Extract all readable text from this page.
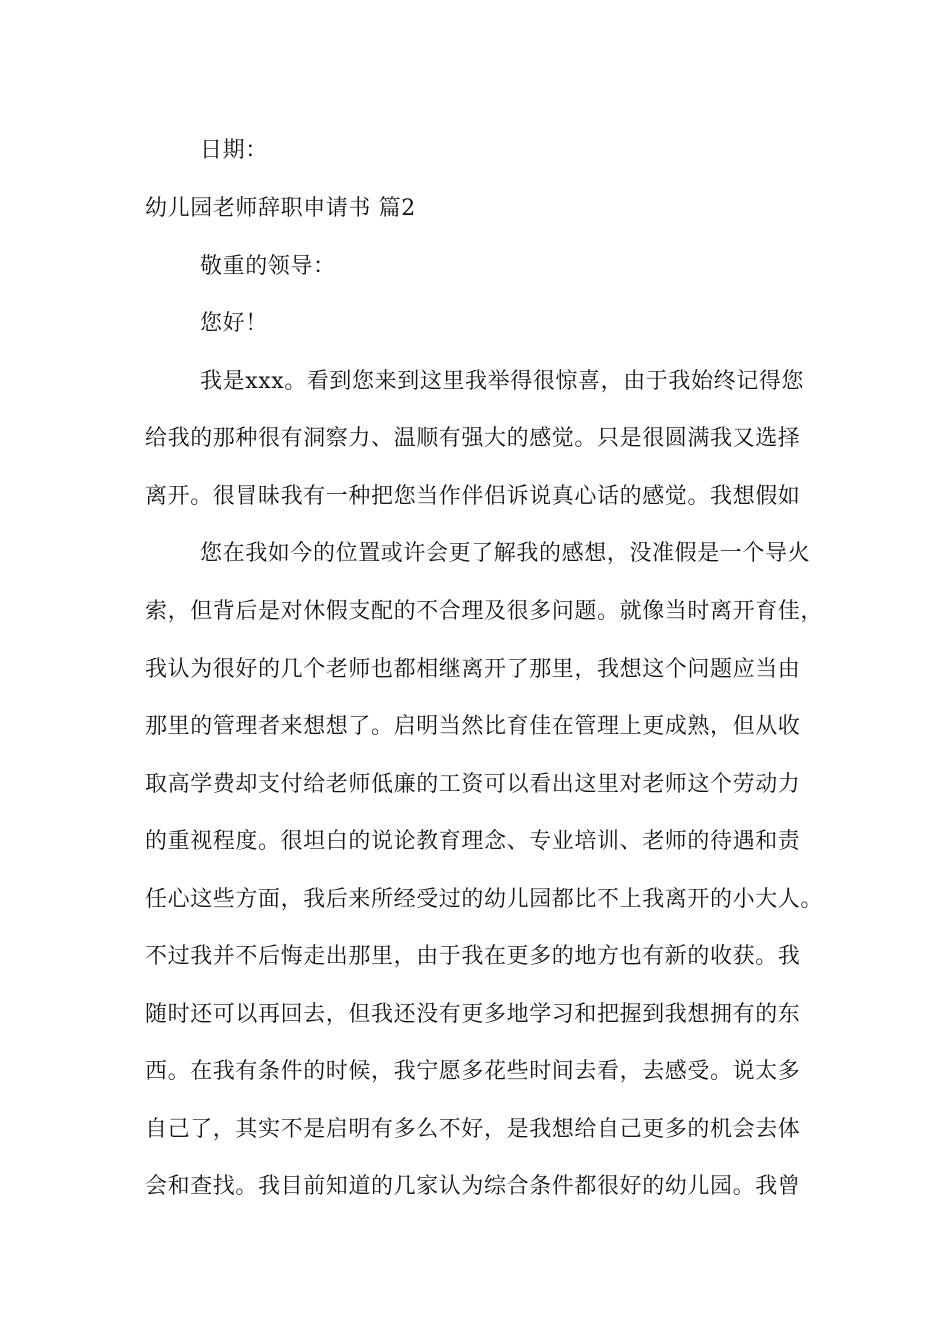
日期：
幼儿园老师辞职申请书 篇2
敬重的领导：
您好！
我是xxx。看到您来到这里我举得很惊喜，由于我始终记得您
给我的那种很有洞察力、温顺有强大的感觉。只是很圆满我又选择
离开。很冒昧我有一种把您当作伴侣诉说真心话的感觉。我想假如
您在我如今的位置或许会更了解我的感想，没准假是一个导火
索，但背后是对休假支配的不合理及很多问题。就像当时离开育佳，
我认为很好的几个老师也都相继离开了那里，我想这个问题应当由
那里的管理者来想想了。启明当然比育佳在管理上更成熟，但从收
取高学费却支付给老师低廉的工资可以看出这里对老师这个劳动力
的重视程度。很坦白的说论教育理念、专业培训、老师的待遇和责
任心这些方面，我后来所经受过的幼儿园都比不上我离开的小大人。
不过我并不后悔走出那里，由于我在更多的地方也有新的收获。我
随时还可以再回去，但我还没有更多地学习和把握到我想拥有的东
西。在我有条件的时候，我宁愿多花些时间去看，去感受。说太多
自己了，其实不是启明有多么不好，是我想给自己更多的机会去体
会和查找。我目前知道的几家认为综合条件都很好的幼儿园。我曾
